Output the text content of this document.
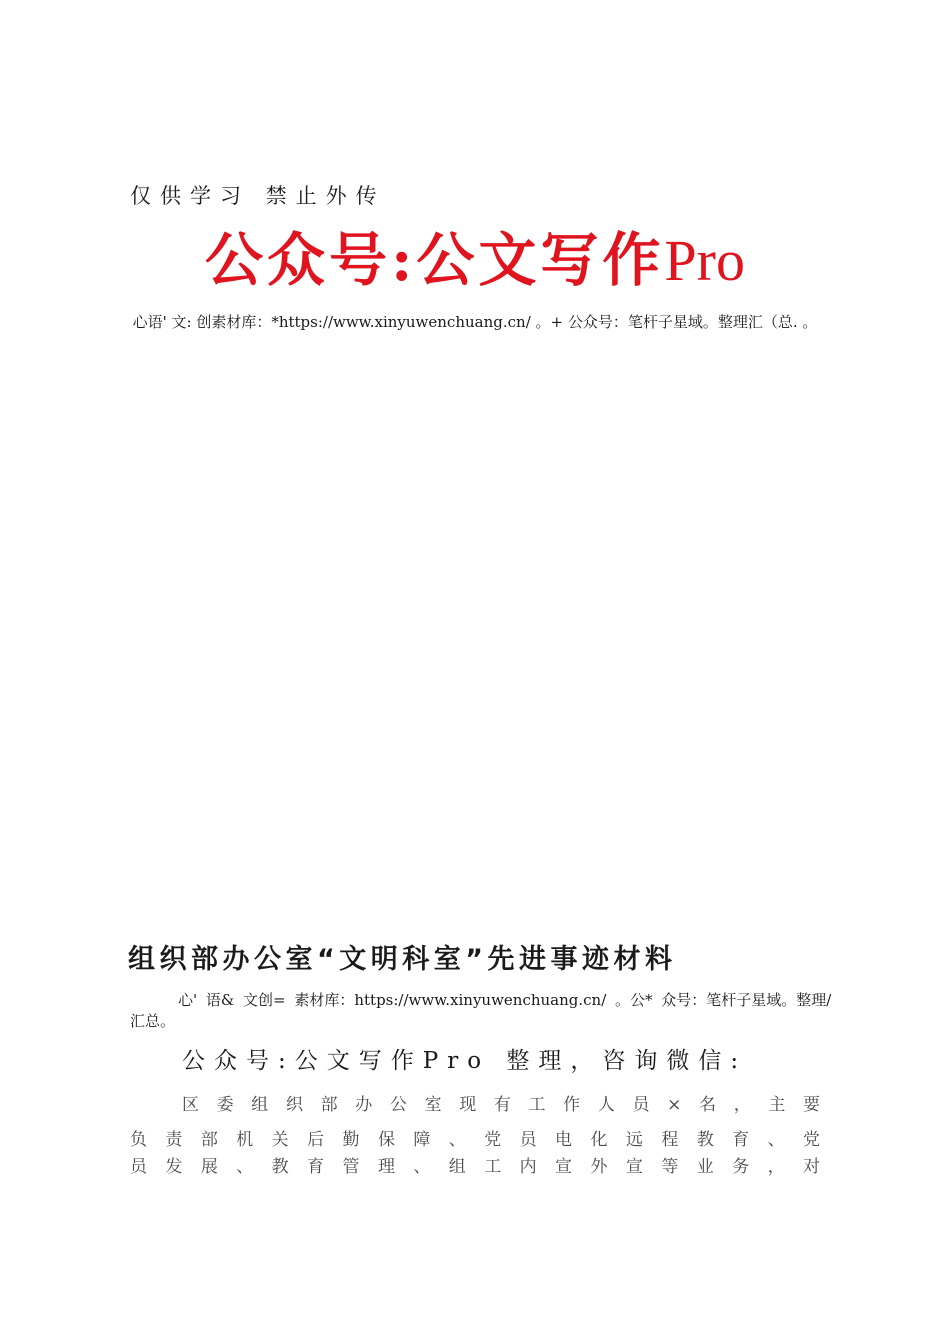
仅供学习 禁止外传

公众号:公文写作Pro

心语' 文: 创素材库：*https://www.xinyuwenchuang.cn/ 。+ 公众号：笔杆子星域。整理汇（总. 。

组织部办公室“文明科室”先进事迹材料

心' 语& 文创= 素材库：https://www.xinyuwenchuang.cn/ 。公* 众号：笔杆子星域。整理/ 汇总。

公众号:公文写作Pro 整理，咨询微信:

区委组织部办公室现有工作人员×名，主要
负责部机关后勤保障、党员电化远程教育、党
员发展、教育管理、组工内宣外宣等业务，对
